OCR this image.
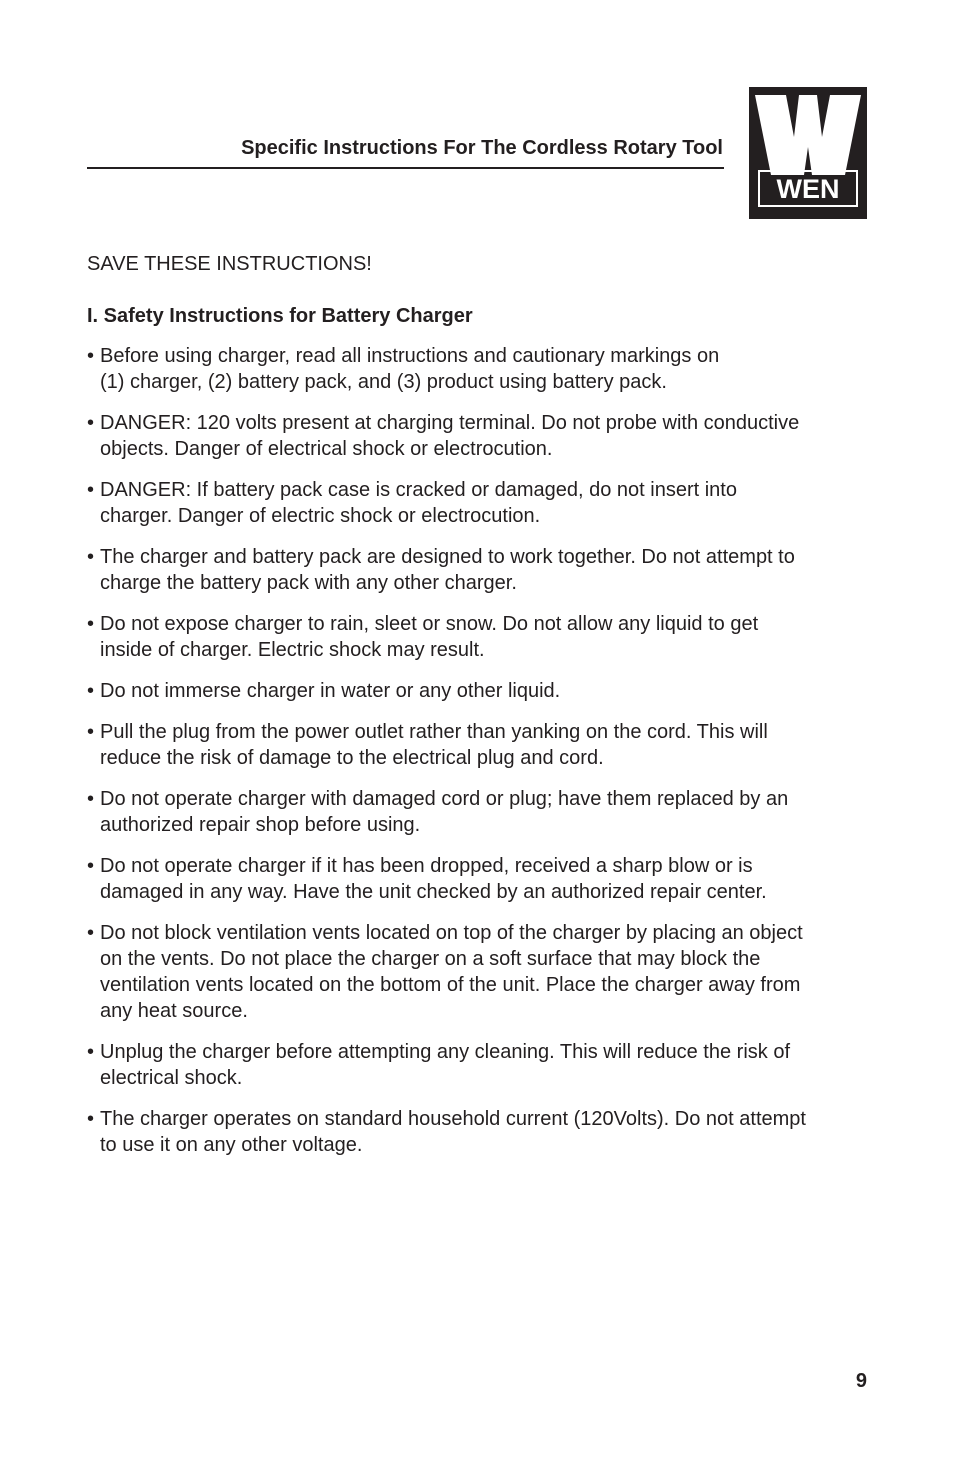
Specific Instructions For The Cordless Rotary Tool
WEN
SAVE THESE INSTRUCTIONS!
I. Safety Instructions for Battery Charger
• Before using charger, read all instructions and cautionary markings on
(1) charger, (2) battery pack, and (3) product using battery pack.
• DANGER: 120 volts present at charging terminal. Do not probe with conductive
objects. Danger of electrical shock or electrocution.
• DANGER: If battery pack case is cracked or damaged, do not insert into
charger. Danger of electric shock or electrocution.
• The charger and battery pack are designed to work together. Do not attempt to
charge the battery pack with any other charger.
• Do not expose charger to rain, sleet or snow. Do not allow any liquid to get
inside of charger. Electric shock may result.
• Do not immerse charger in water or any other liquid.
• Pull the plug from the power outlet rather than yanking on the cord. This will
reduce the risk of damage to the electrical plug and cord.
• Do not operate charger with damaged cord or plug; have them replaced by an
authorized repair shop before using.
• Do not operate charger if it has been dropped, received a sharp blow or is
damaged in any way. Have the unit checked by an authorized repair center.
• Do not block ventilation vents located on top of the charger by placing an object
on the vents. Do not place the charger on a soft surface that may block the
ventilation vents located on the bottom of the unit. Place the charger away from
any heat source.
• Unplug the charger before attempting any cleaning. This will reduce the risk of
electrical shock.
• The charger operates on standard household current (120Volts). Do not attempt
to use it on any other voltage.
9
